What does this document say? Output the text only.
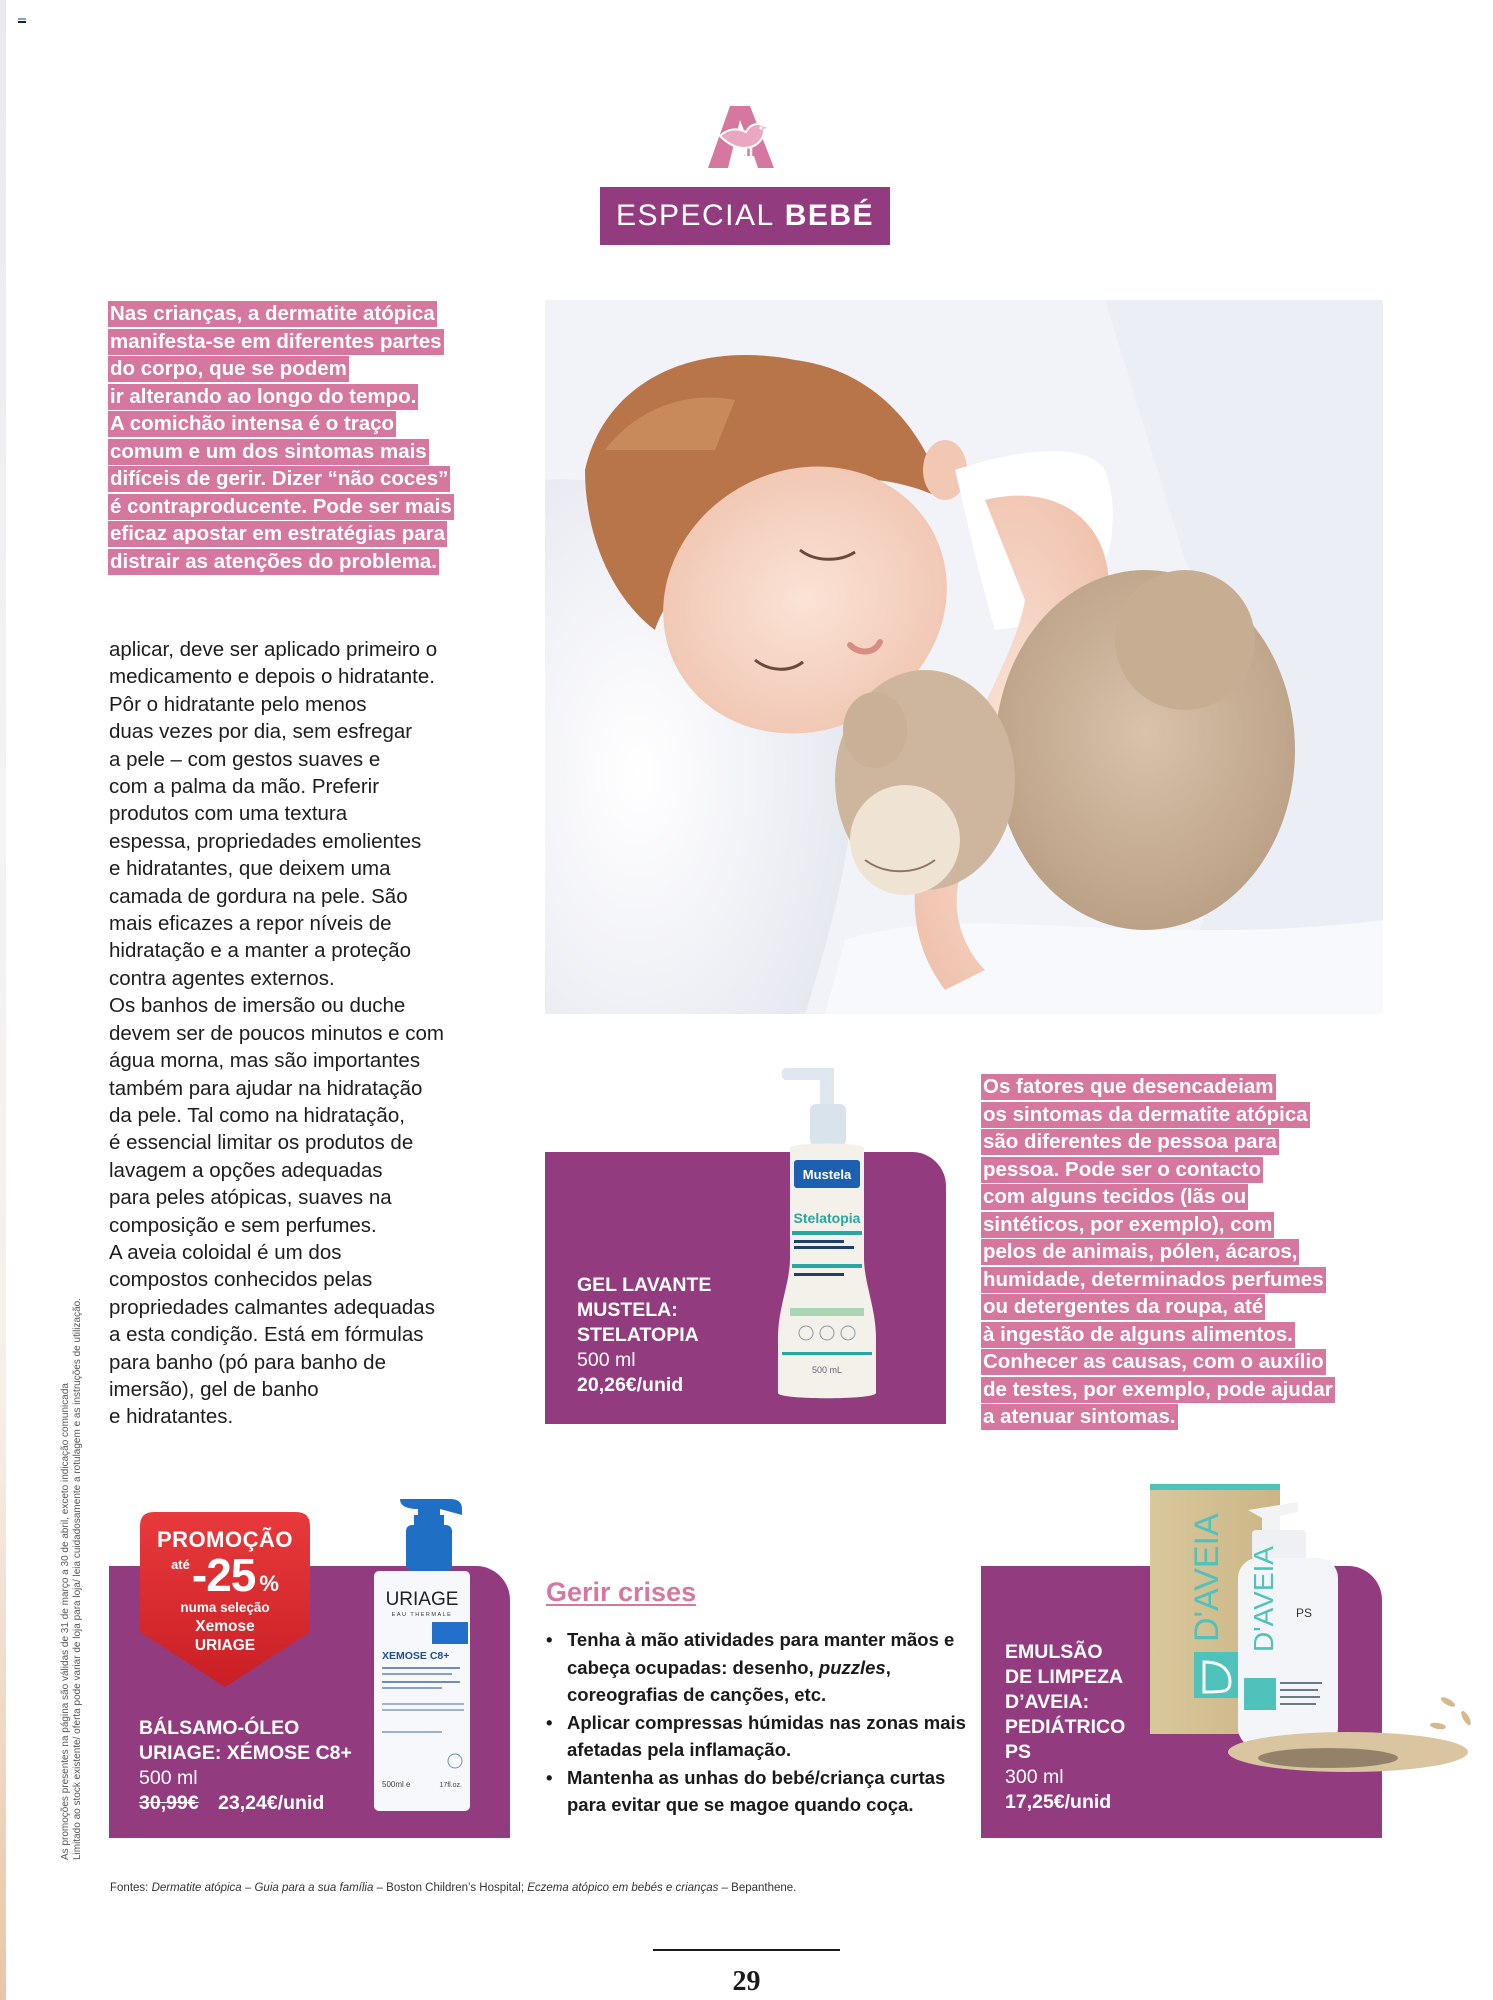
ESPECIAL BEBÉ
Nas crianças, a dermatite atópica
manifesta-se em diferentes partes
do corpo, que se podem
ir alterando ao longo do tempo.
A comichão intensa é o traço
comum e um dos sintomas mais
difíceis de gerir. Dizer “não coces”
é contraproducente. Pode ser mais
eficaz apostar em estratégias para
distrair as atenções do problema.
aplicar, deve ser aplicado primeiro o
medicamento e depois o hidratante.
Pôr o hidratante pelo menos
duas vezes por dia, sem esfregar
a pele – com gestos suaves e
com a palma da mão. Preferir
produtos com uma textura
espessa, propriedades emolientes
e hidratantes, que deixem uma
camada de gordura na pele. São
mais eficazes a repor níveis de
hidratação e a manter a proteção
contra agentes externos.
Os banhos de imersão ou duche
devem ser de poucos minutos e com
água morna, mas são importantes
também para ajudar na hidratação
da pele. Tal como na hidratação,
é essencial limitar os produtos de
lavagem a opções adequadas
para peles atópicas, suaves na
composição e sem perfumes.
A aveia coloidal é um dos
compostos conhecidos pelas
propriedades calmantes adequadas
a esta condição. Está em fórmulas
para banho (pó para banho de
imersão), gel de banho
e hidratantes.
Os fatores que desencadeiam
os sintomas da dermatite atópica
são diferentes de pessoa para
pessoa. Pode ser o contacto
com alguns tecidos (lãs ou
sintéticos, por exemplo), com
pelos de animais, pólen, ácaros,
humidade, determinados perfumes
ou detergentes da roupa, até
à ingestão de alguns alimentos.
Conhecer as causas, com o auxílio
de testes, por exemplo, pode ajudar
a atenuar sintomas.
Mustela
Stelatopia
500 mL
GEL LAVANTE
MUSTELA:
STELATOPIA
500 ml
20,26€/unid
PROMOÇÃO
até -25 %
numa seleção
Xemose
URIAGE
URIAGE
EAU THERMALE
XEMOSE C8+
500ml e	17fl.oz.
BÁLSAMO-ÓLEO
URIAGE: XÉMOSE C8+
500 ml
30,99€ 23,24€/unid
Gerir crises
• Tenha à mão atividades para manter mãos e cabeça ocupadas: desenho, puzzles, coreografias de canções, etc.
• Aplicar compressas húmidas nas zonas mais afetadas pela inflamação.
• Mantenha as unhas do bebé/criança curtas para evitar que se magoe quando coça.
D'AVEIA D'AVEIA PS
EMULSÃO
DE LIMPEZA
D’AVEIA:
PEDIÁTRICO
PS
300 ml
17,25€/unid
As promoções presentes na página são válidas de 31 de março a 30 de abril, exceto indicação comunicada Limitado ao stock existente/ oferta pode variar de loja para loja/ leia cuidadosamente a rotulagem e as instruções de utilização.
Fontes: Dermatite atópica – Guia para a sua família – Boston Children’s Hospital; Eczema atópico em bebés e crianças – Bepanthene.
29
